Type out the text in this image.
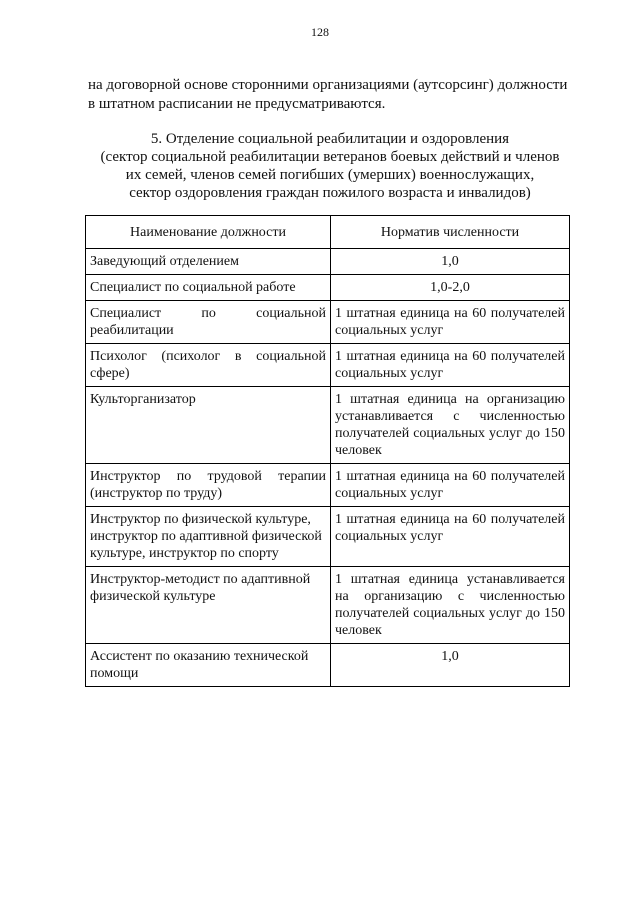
128

на договорной основе сторонними организациями (аутсорсинг) должности в штатном расписании не предусматриваются.

5. Отделение социальной реабилитации и оздоровления
(сектор социальной реабилитации ветеранов боевых действий и членов
их семей, членов семей погибших (умерших) военнослужащих,
сектор оздоровления граждан пожилого возраста и инвалидов)
Наименование должности	Норматив численности
Заведующий отделением	1,0
Специалист по социальной работе	1,0-2,0
Специалист по социальной реабилитации	1 штатная единица на 60 получателей социальных услуг
Психолог (психолог в социальной сфере)	1 штатная единица на 60 получателей социальных услуг
Культорганизатор	1 штатная единица на организацию устанавливается с численностью получателей социальных услуг до 150 человек
Инструктор по трудовой терапии (инструктор по труду)	1 штатная единица на 60 получателей социальных услуг
Инструктор по физической культуре, инструктор по адаптивной физической культуре, инструктор по спорту	1 штатная единица на 60 получателей социальных услуг
Инструктор-методист по адаптивной физической культуре	1 штатная единица устанавливается на организацию с численностью получателей социальных услуг до 150 человек
Ассистент по оказанию технической помощи	1,0
